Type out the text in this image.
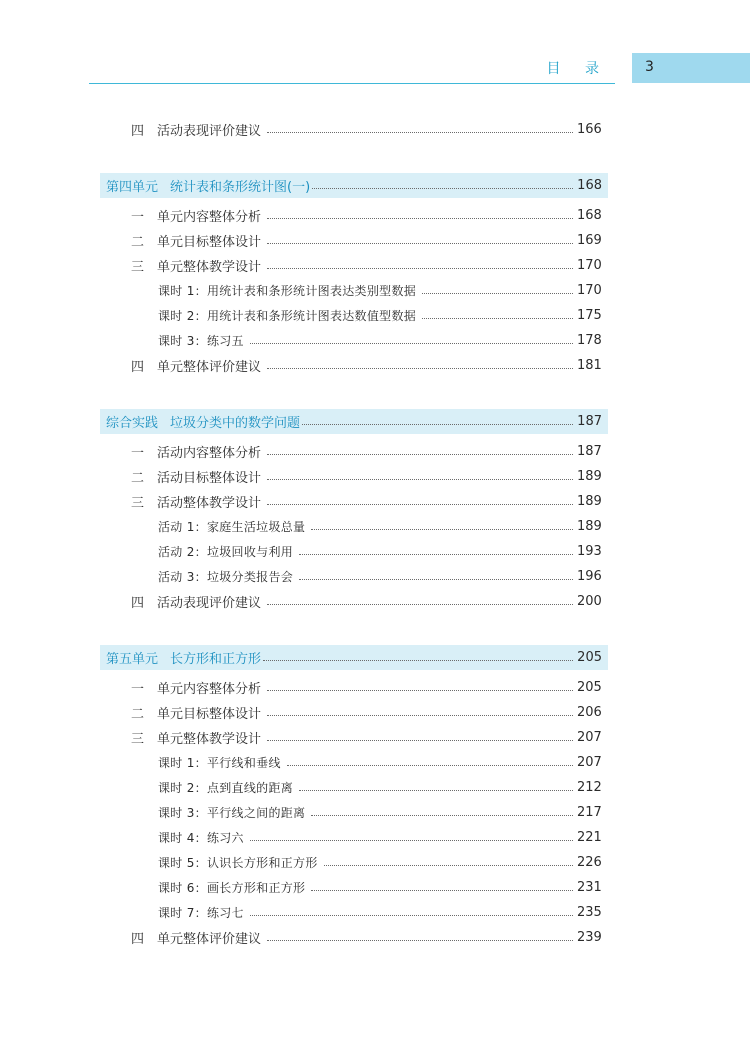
目 录	3
四 活动表现评价建议	166
第四单元 统计表和条形统计图(一)	168
一 单元内容整体分析	168
二 单元目标整体设计	169
三 单元整体教学设计	170
课时 1：用统计表和条形统计图表达类别型数据	170
课时 2：用统计表和条形统计图表达数值型数据	175
课时 3：练习五	178
四 单元整体评价建议	181
综合实践 垃圾分类中的数学问题	187
一 活动内容整体分析	187
二 活动目标整体设计	189
三 活动整体教学设计	189
活动 1：家庭生活垃圾总量	189
活动 2：垃圾回收与利用	193
活动 3：垃圾分类报告会	196
四 活动表现评价建议	200
第五单元 长方形和正方形	205
一 单元内容整体分析	205
二 单元目标整体设计	206
三 单元整体教学设计	207
课时 1：平行线和垂线	207
课时 2：点到直线的距离	212
课时 3：平行线之间的距离	217
课时 4：练习六	221
课时 5：认识长方形和正方形	226
课时 6：画长方形和正方形	231
课时 7：练习七	235
四 单元整体评价建议	239
